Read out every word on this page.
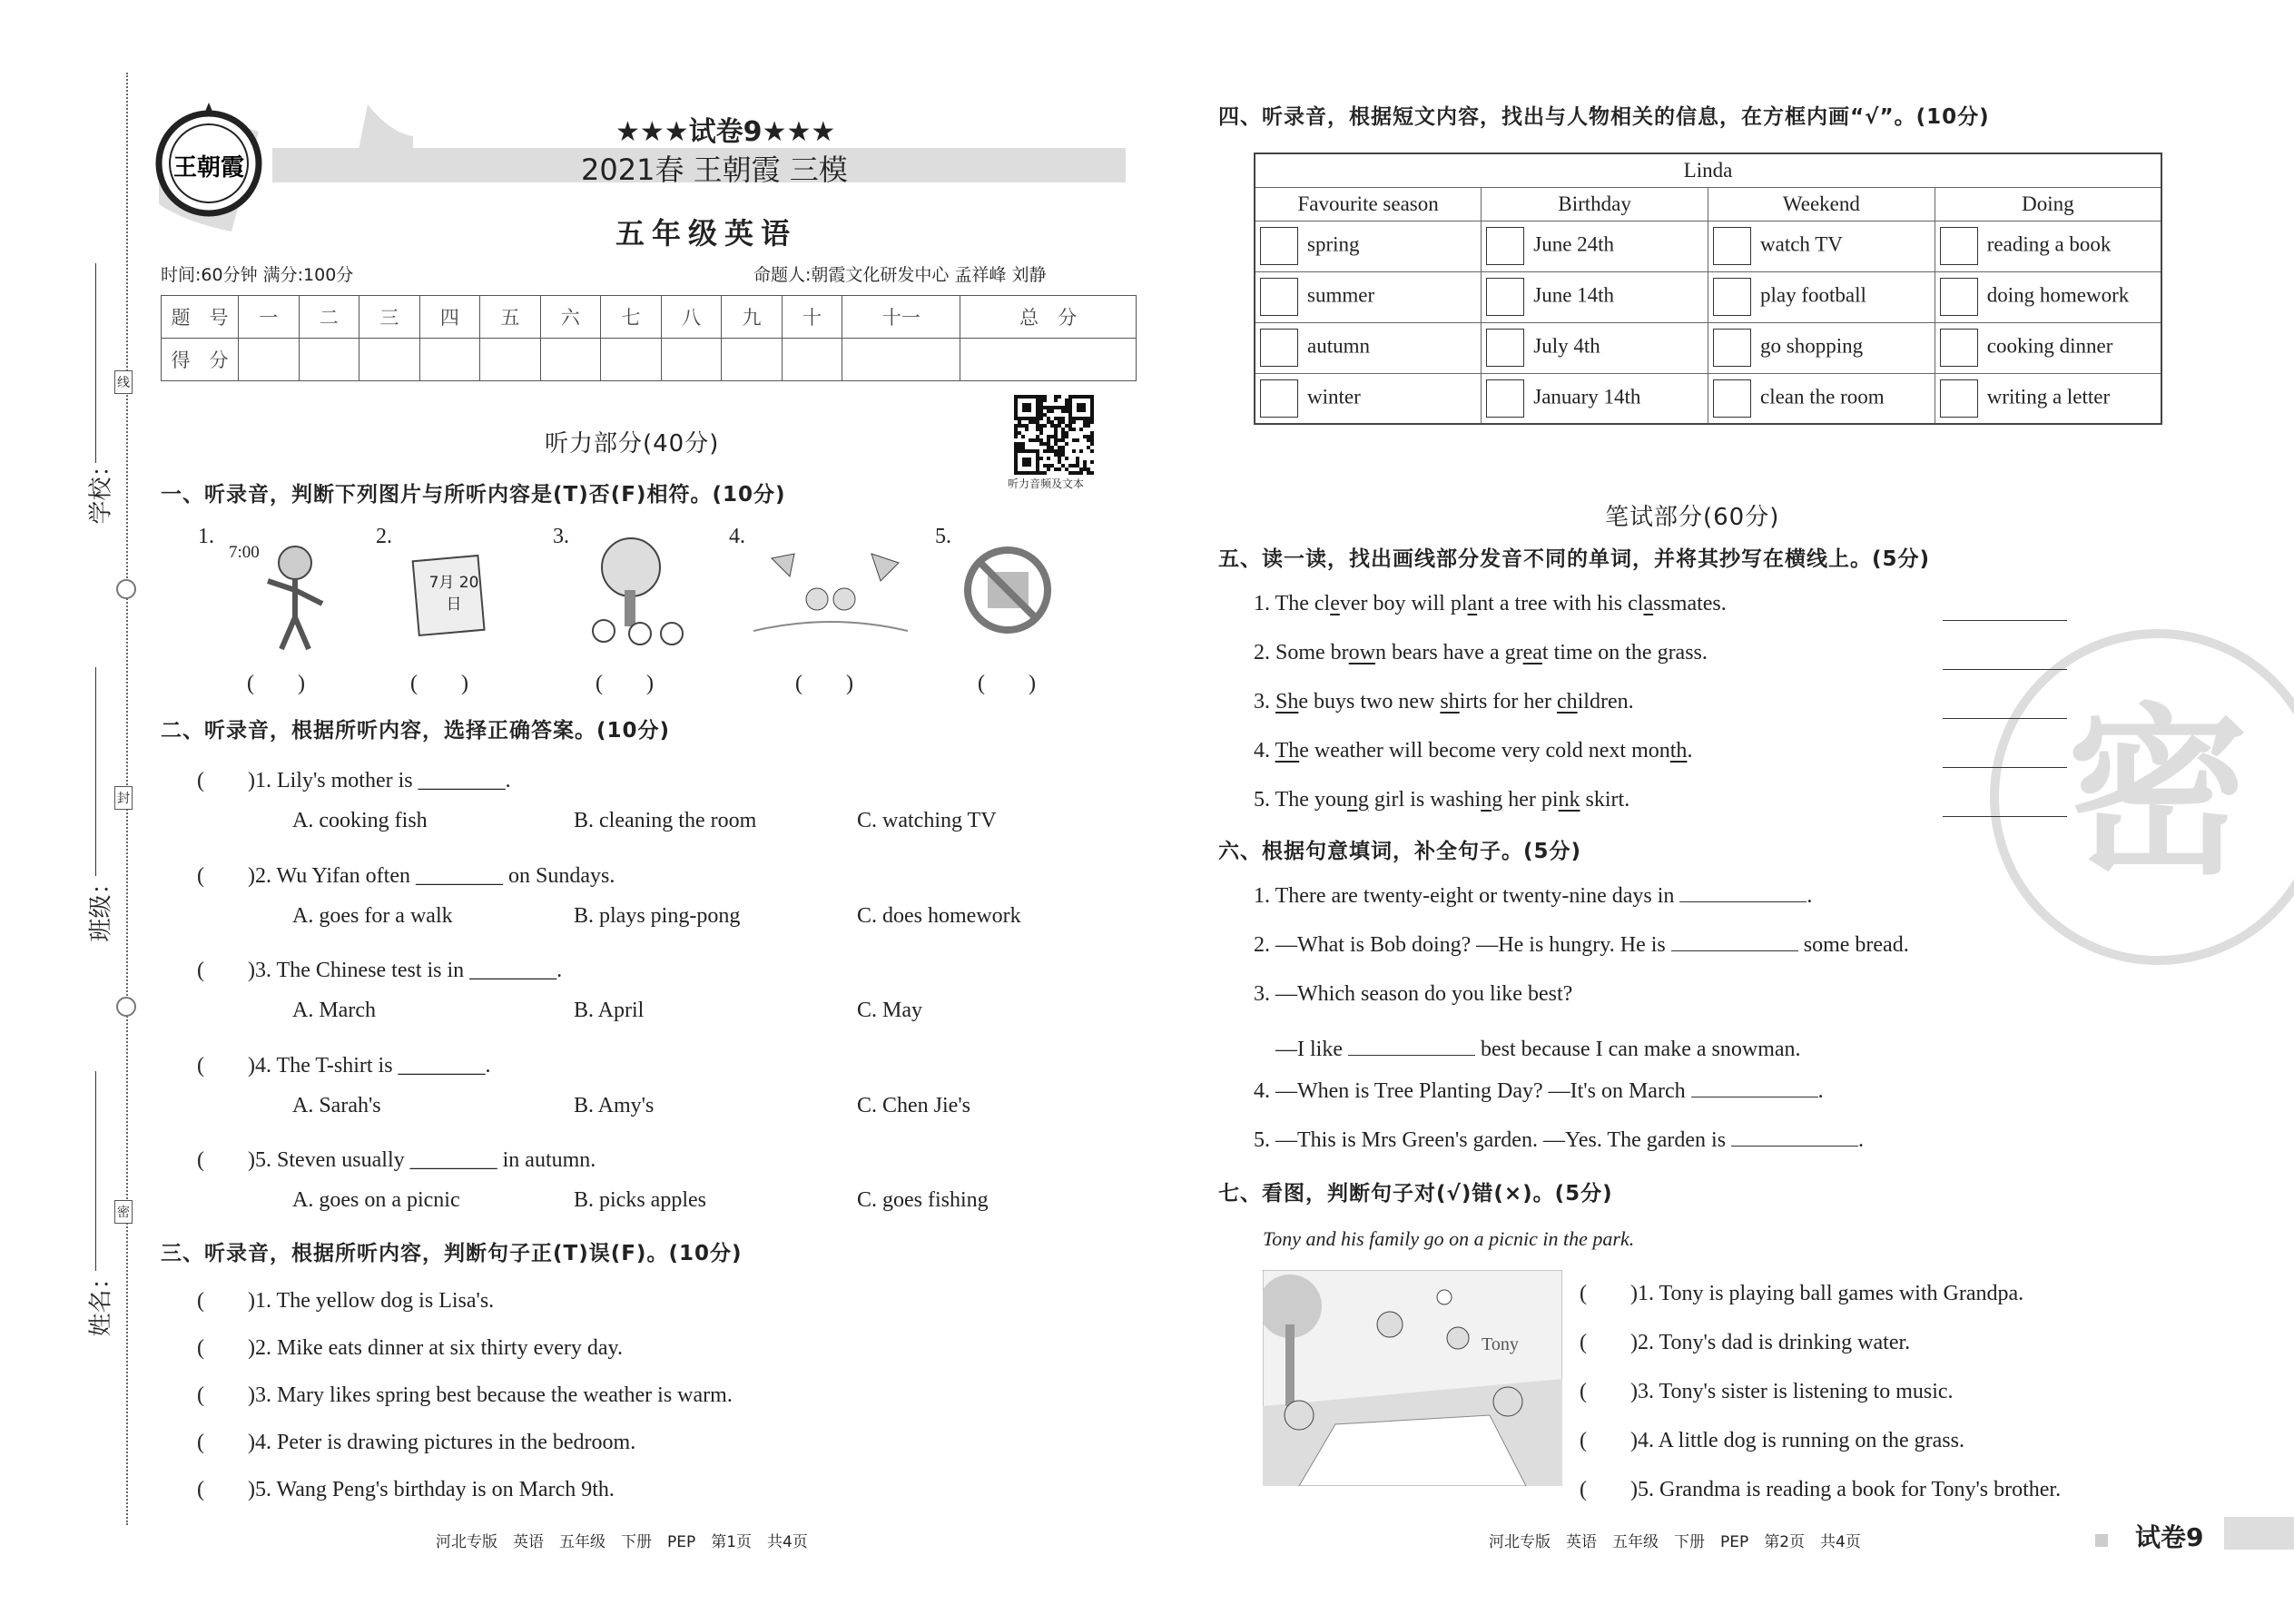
学校：
班级：
姓名：
线
封
密
王朝霞
★★★试卷9★★★
2021春 王朝霞 三模
五年级英语
时间:60分钟 满分:100分	命题人:朝霞文化研发中心 孟祥峰 刘静
题　号	一	二	三	四	五	六	七	八	九	十	十一	总　分
得　分												
听力音频及文本
听力部分(40分)
一、听录音，判断下列图片与所听内容是(T)否(F)相符。(10分)
7:00
7月 20日
二、听录音，根据所听内容，选择正确答案。(10分)
三、听录音，根据所听内容，判断句子正(T)误(F)。(10分)
河北专版　英语　五年级　下册　PEP　第1页　共4页
四、听录音，根据短文内容，找出与人物相关的信息，在方框内画“√”。(10分)
Linda			
Favourite season	Birthday	Weekend	Doing
spring	June 24th	watch TV	reading a book
summer	June 14th	play football	doing homework
autumn	July 4th	go shopping	cooking dinner
winter	January 14th	clean the room	writing a letter
笔试部分(60分)
五、读一读，找出画线部分发音不同的单词，并将其抄写在横线上。(5分)
六、根据句意填词，补全句子。(5分)
七、看图，判断句子对(√)错(×)。(5分)
Tony and his family go on a picnic in the park.
Tony
密
河北专版　英语　五年级　下册　PEP　第2页　共4页	试卷9
1.
(　　)
2.
(　　)
3.
(　　)
4.
(　　)
5.
(　　)
(　　)1. Lily's mother is ________.
A. cooking fish	B. cleaning the room	C. watching TV
(　　)2. Wu Yifan often ________ on Sundays.
A. goes for a walk	B. plays ping-pong	C. does homework
(　　)3. The Chinese test is in ________.
A. March	B. April	C. May
(　　)4. The T-shirt is ________.
A. Sarah's	B. Amy's	C. Chen Jie's
(　　)5. Steven usually ________ in autumn.
A. goes on a picnic	B. picks apples	C. goes fishing
(　　)1. The yellow dog is Lisa's.
(　　)2. Mike eats dinner at six thirty every day.
(　　)3. Mary likes spring best because the weather is warm.
(　　)4. Peter is drawing pictures in the bedroom.
(　　)5. Wang Peng's birthday is on March 9th.
1. The clever boy will plant a tree with his classmates.
2. Some brown bears have a great time on the grass.
3. She buys two new shirts for her children.
4. The weather will become very cold next month.
5. The young girl is washing her pink skirt.
1. There are twenty-eight or twenty-nine days in	.
2. —What is Bob doing? —He is hungry. He is	some bread.
3. —Which season do you like best?
　—I like	best because I can make a snowman.
4. —When is Tree Planting Day? —It's on March	.
5. —This is Mrs Green's garden. —Yes. The garden is	.
(　　)1. Tony is playing ball games with Grandpa.
(　　)2. Tony's dad is drinking water.
(　　)3. Tony's sister is listening to music.
(　　)4. A little dog is running on the grass.
(　　)5. Grandma is reading a book for Tony's brother.
